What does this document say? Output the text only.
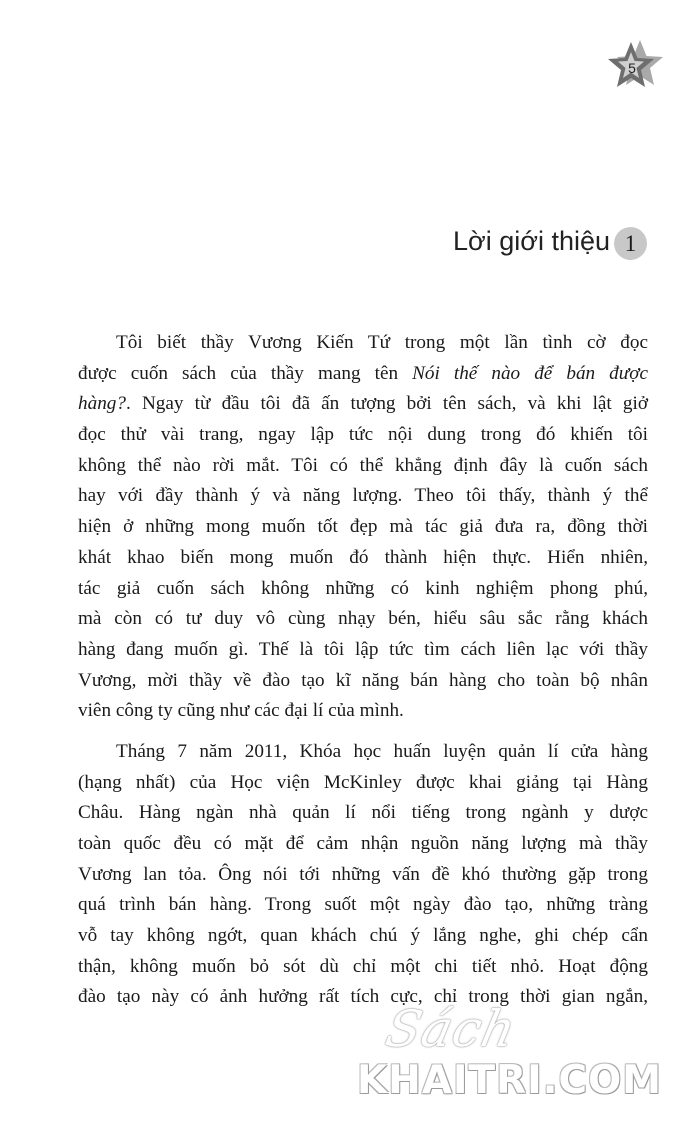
5
Lời giới thiệu 1
Tôi biết thầy Vương Kiến Tứ trong một lần tình cờ đọc
được cuốn sách của thầy mang tên Nói thế nào để bán được
hàng?. Ngay từ đầu tôi đã ấn tượng bởi tên sách, và khi lật giở
đọc thử vài trang, ngay lập tức nội dung trong đó khiến tôi
không thể nào rời mắt. Tôi có thể khẳng định đây là cuốn sách
hay với đầy thành ý và năng lượng. Theo tôi thấy, thành ý thể
hiện ở những mong muốn tốt đẹp mà tác giả đưa ra, đồng thời
khát khao biến mong muốn đó thành hiện thực. Hiển nhiên,
tác giả cuốn sách không những có kinh nghiệm phong phú,
mà còn có tư duy vô cùng nhạy bén, hiểu sâu sắc rằng khách
hàng đang muốn gì. Thế là tôi lập tức tìm cách liên lạc với thầy
Vương, mời thầy về đào tạo kĩ năng bán hàng cho toàn bộ nhân
viên công ty cũng như các đại lí của mình.
Tháng 7 năm 2011, Khóa học huấn luyện quản lí cửa hàng
(hạng nhất) của Học viện McKinley được khai giảng tại Hàng
Châu. Hàng ngàn nhà quản lí nổi tiếng trong ngành y dược
toàn quốc đều có mặt để cảm nhận nguồn năng lượng mà thầy
Vương lan tỏa. Ông nói tới những vấn đề khó thường gặp trong
quá trình bán hàng. Trong suốt một ngày đào tạo, những tràng
vỗ tay không ngớt, quan khách chú ý lắng nghe, ghi chép cẩn
thận, không muốn bỏ sót dù chỉ một chi tiết nhỏ. Hoạt động
đào tạo này có ảnh hưởng rất tích cực, chỉ trong thời gian ngắn,
Sách
KHAITRI.COM
